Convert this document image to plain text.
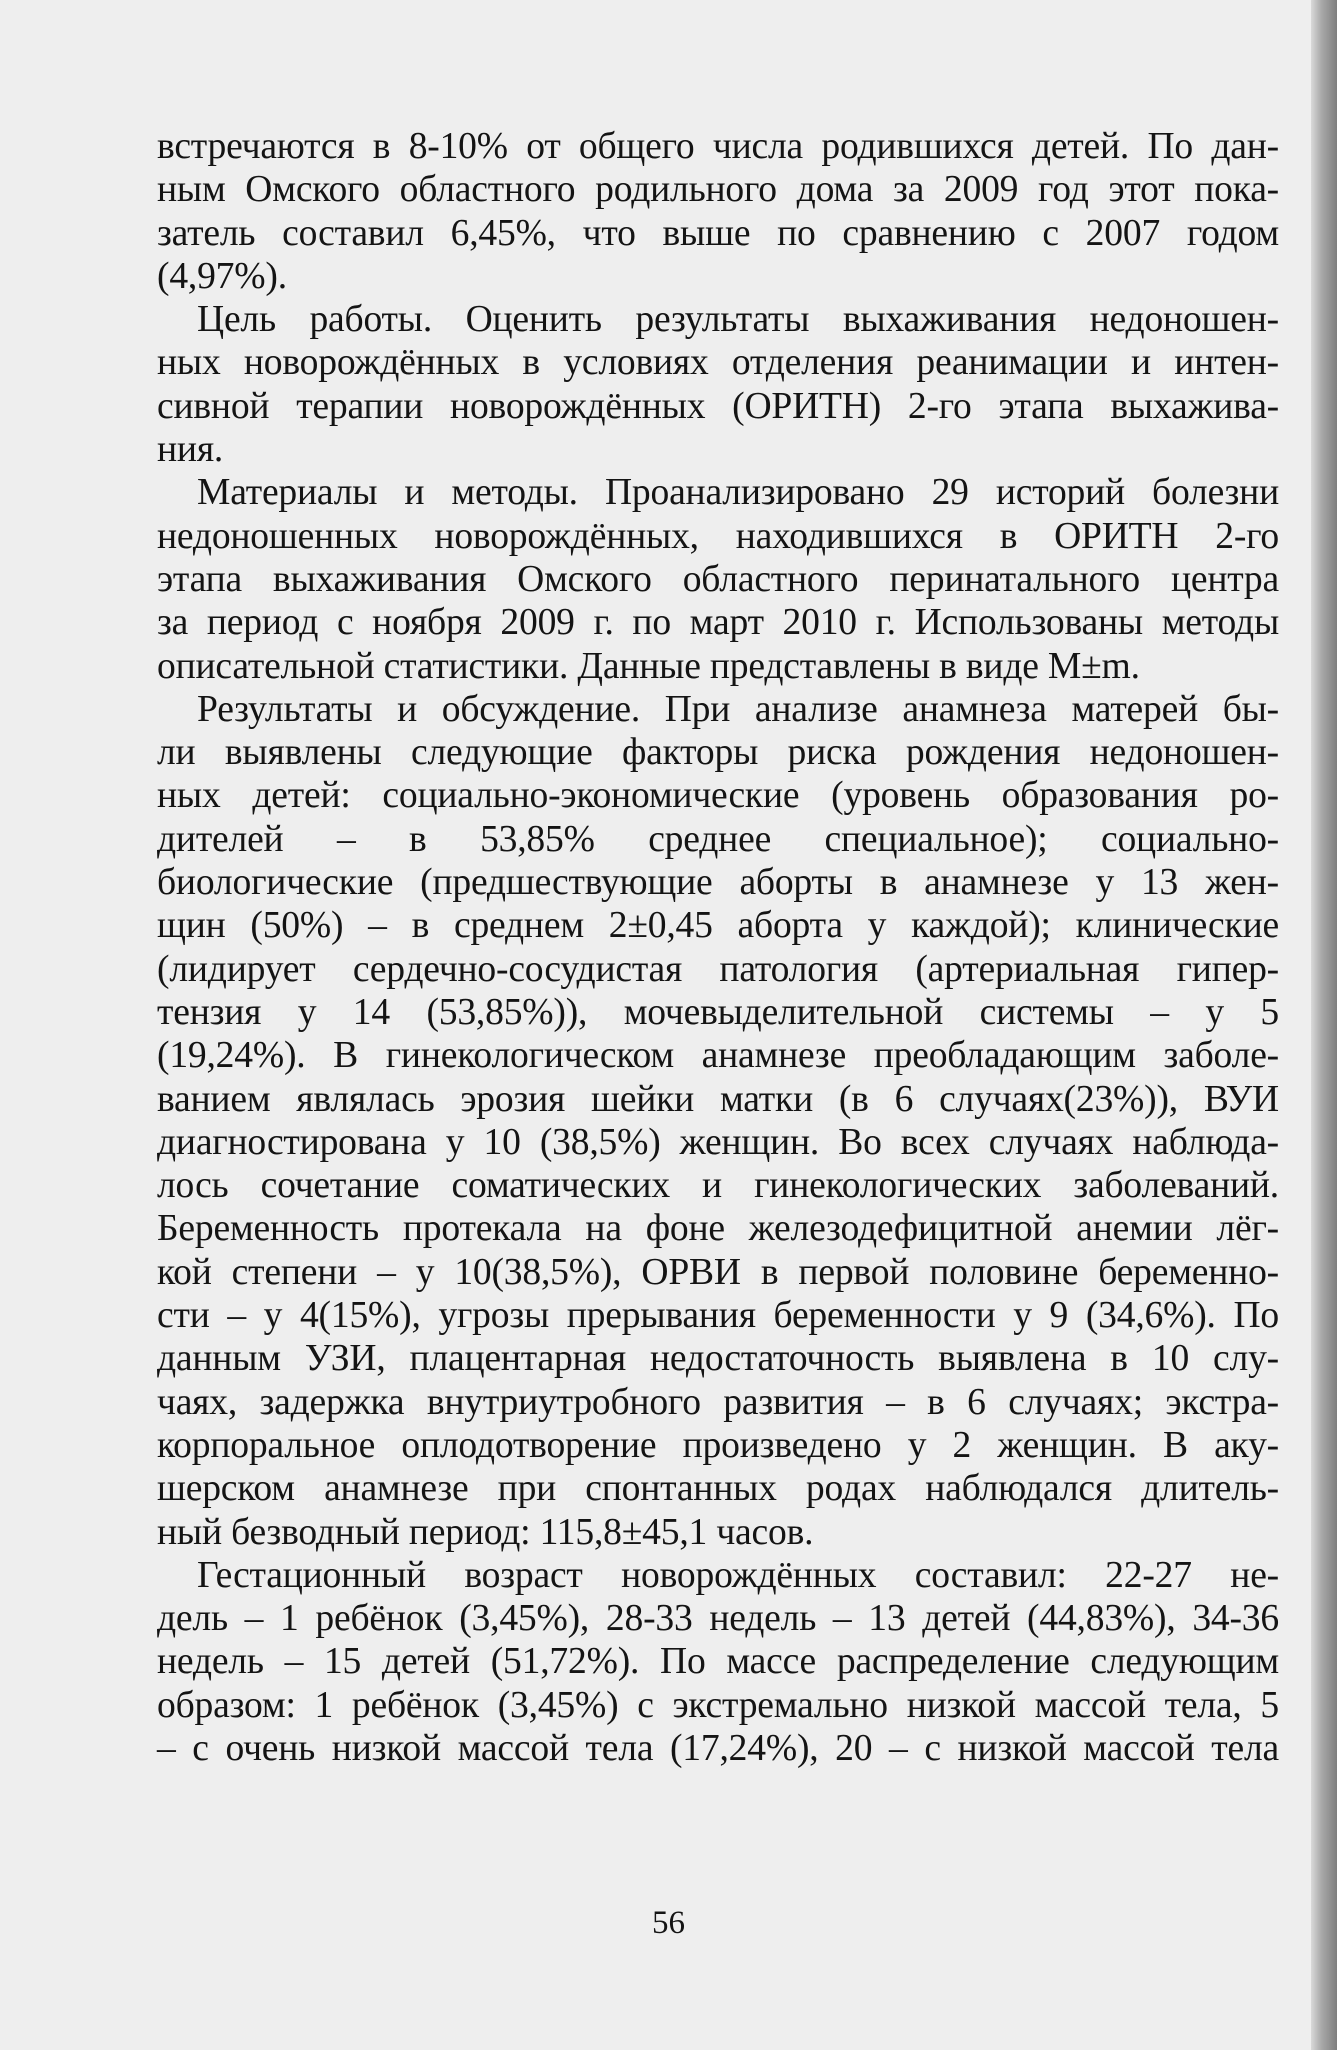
встречаются в 8-10% от общего числа родившихся детей. По дан-
ным Омского областного родильного дома за 2009 год этот пока-
затель составил 6,45%, что выше по сравнению с 2007 годом
(4,97%).
Цель работы. Оценить результаты выхаживания недоношен-
ных новорождённых в условиях отделения реанимации и интен-
сивной терапии новорождённых (ОРИТН) 2-го этапа выхажива-
ния.
Материалы и методы. Проанализировано 29 историй болезни
недоношенных новорождённых, находившихся в ОРИТН 2-го
этапа выхаживания Омского областного перинатального центра
за период с ноября 2009 г. по март 2010 г. Использованы методы
описательной статистики. Данные представлены в виде M±m.
Результаты и обсуждение. При анализе анамнеза матерей бы-
ли выявлены следующие факторы риска рождения недоношен-
ных детей: социально-экономические (уровень образования ро-
дителей – в 53,85% среднее специальное); социально-
биологические (предшествующие аборты в анамнезе у 13 жен-
щин (50%) – в среднем 2±0,45 аборта у каждой); клинические
(лидирует сердечно-сосудистая патология (артериальная гипер-
тензия у 14 (53,85%)), мочевыделительной системы – у 5
(19,24%). В гинекологическом анамнезе преобладающим заболе-
ванием являлась эрозия шейки матки (в 6 случаях(23%)), ВУИ
диагностирована у 10 (38,5%) женщин. Во всех случаях наблюда-
лось сочетание соматических и гинекологических заболеваний.
Беременность протекала на фоне железодефицитной анемии лёг-
кой степени – у 10(38,5%), ОРВИ в первой половине беременно-
сти – у 4(15%), угрозы прерывания беременности у 9 (34,6%). По
данным УЗИ, плацентарная недостаточность выявлена в 10 слу-
чаях, задержка внутриутробного развития – в 6 случаях; экстра-
корпоральное оплодотворение произведено у 2 женщин. В аку-
шерском анамнезе при спонтанных родах наблюдался длитель-
ный безводный период: 115,8±45,1 часов.
Гестационный возраст новорождённых составил: 22-27 не-
дель – 1 ребёнок (3,45%), 28-33 недель – 13 детей (44,83%), 34-36
недель – 15 детей (51,72%). По массе распределение следующим
образом: 1 ребёнок (3,45%) с экстремально низкой массой тела, 5
– с очень низкой массой тела (17,24%), 20 – с низкой массой тела
56
